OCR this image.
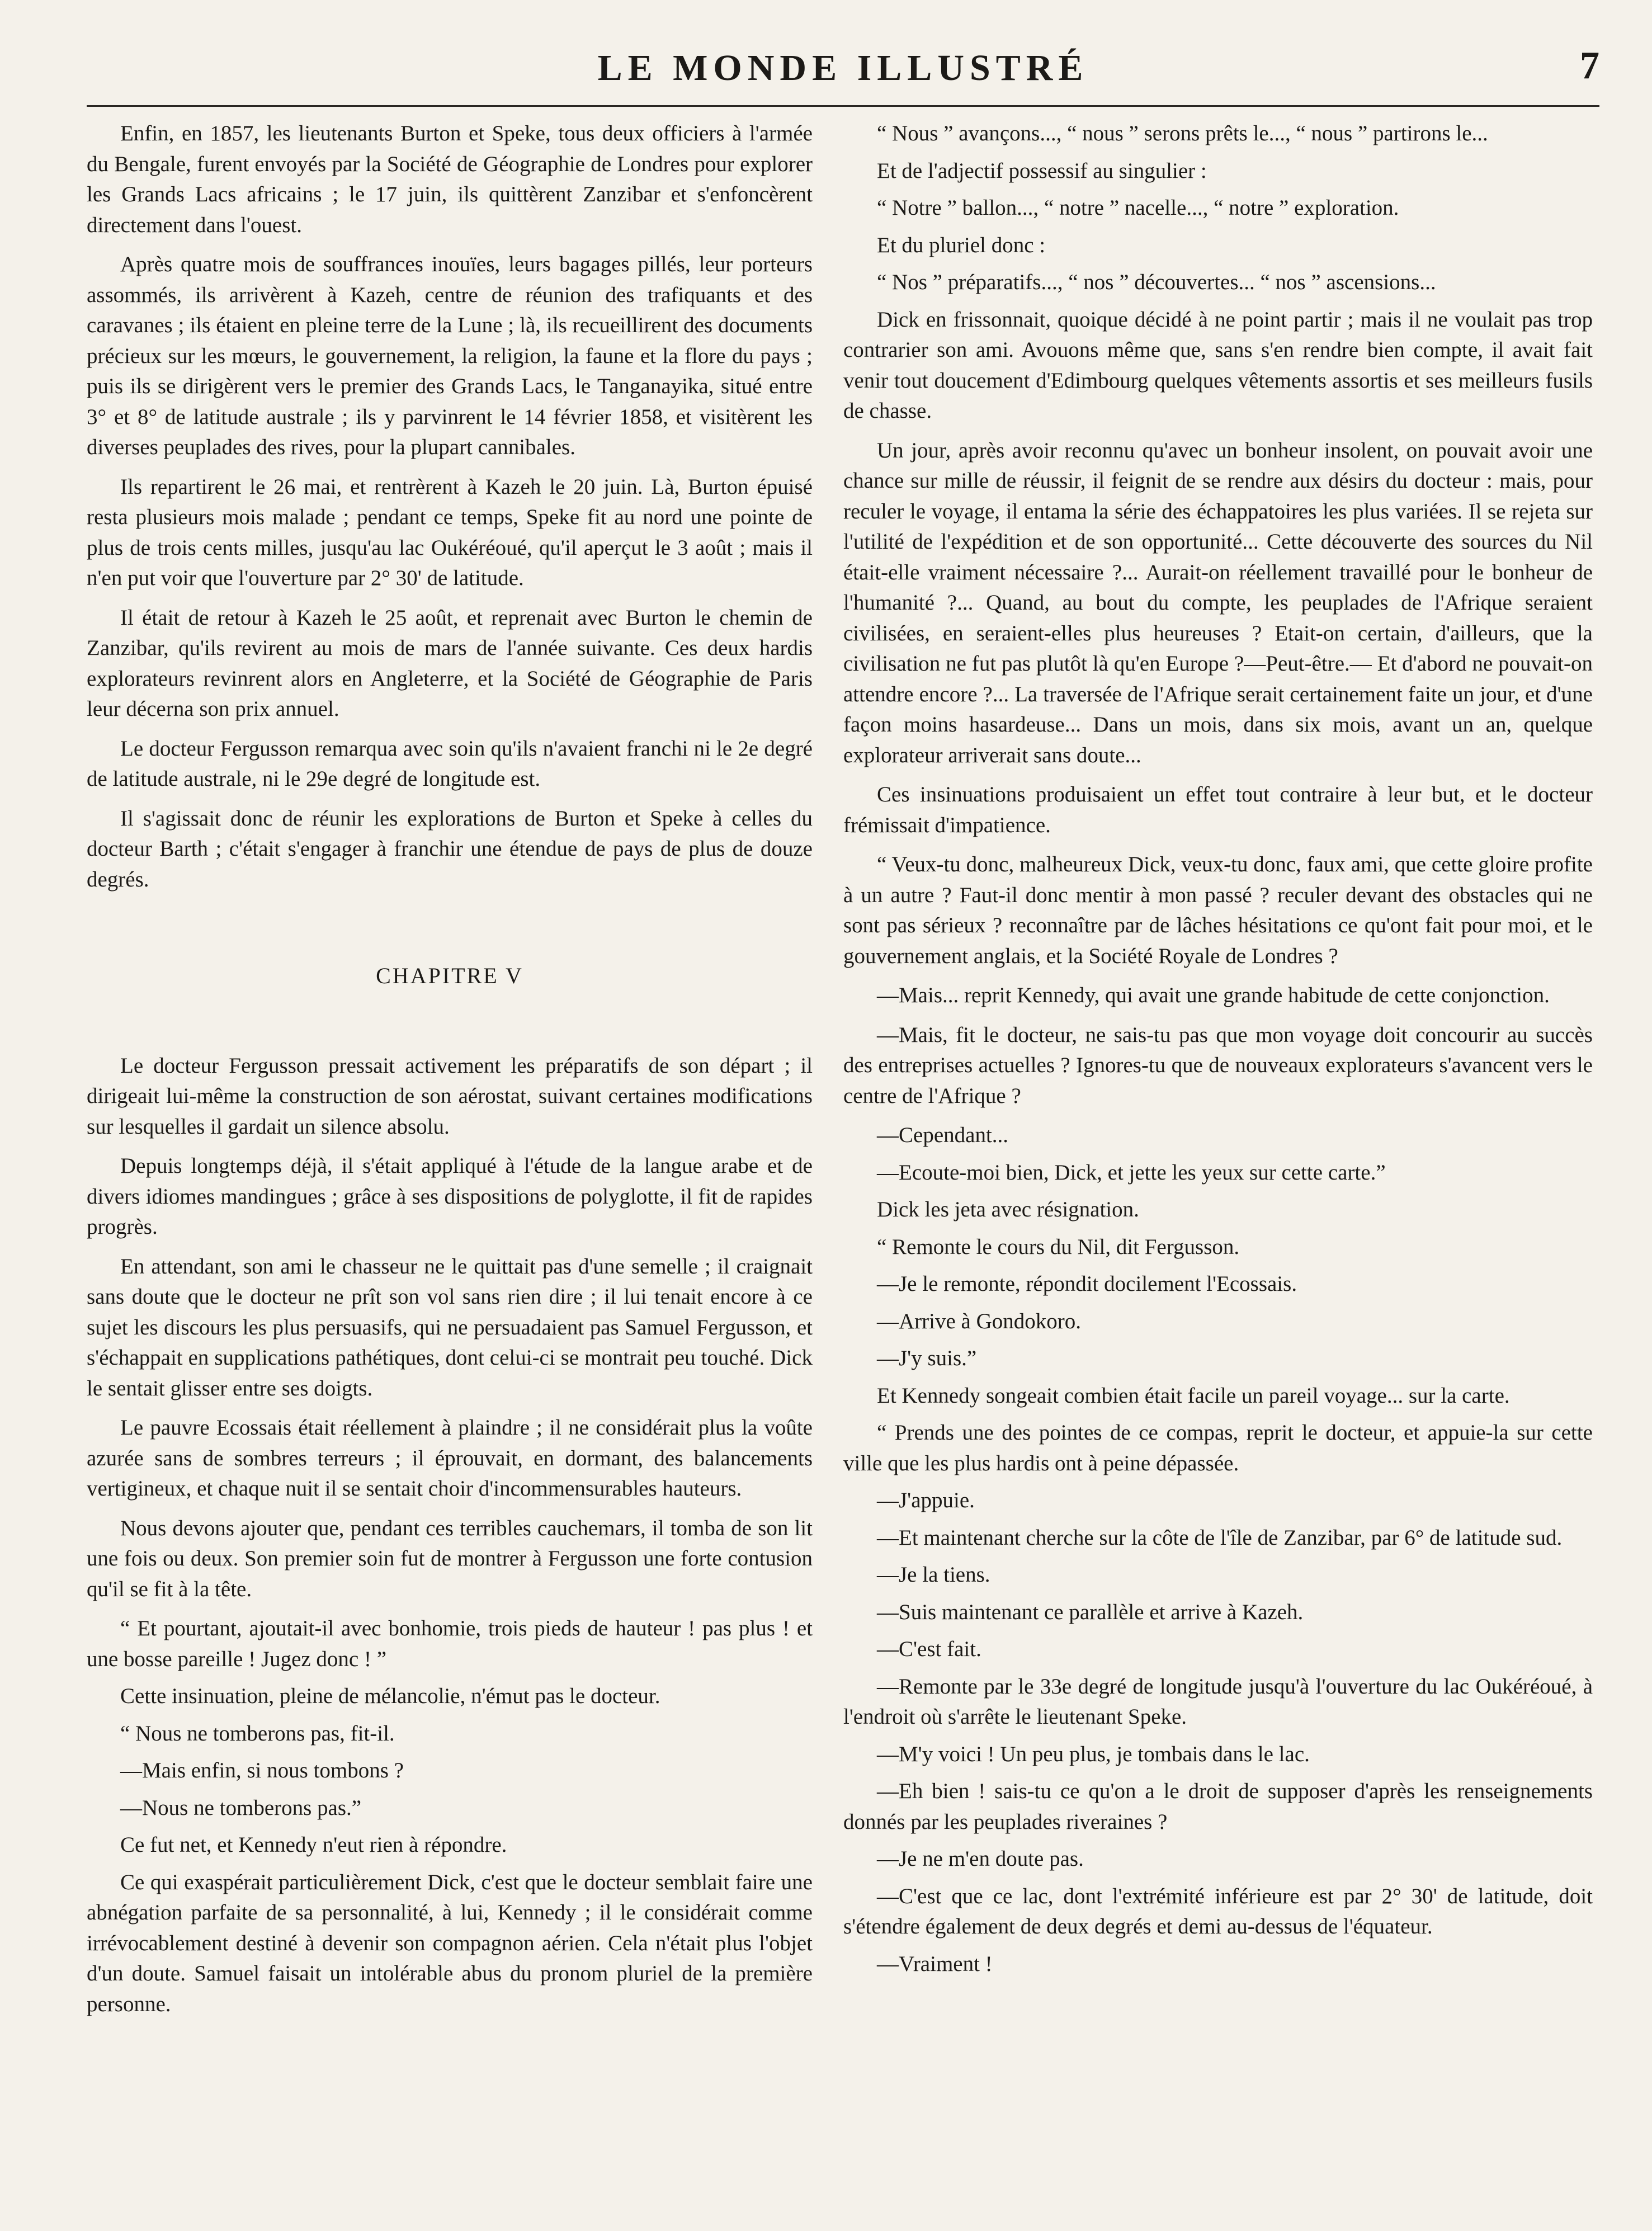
LE MONDE ILLUSTRÉ	7

Enfin, en 1857, les lieutenants Burton et Speke, tous deux officiers à l'armée du Bengale, furent envoyés par la Société de Géographie de Londres pour explorer les Grands Lacs africains ; le 17 juin, ils quittèrent Zanzibar et s'enfoncèrent directement dans l'ouest.

Après quatre mois de souffrances inouïes, leurs bagages pillés, leur porteurs assommés, ils arrivèrent à Kazeh, centre de réunion des trafiquants et des caravanes ; ils étaient en pleine terre de la Lune ; là, ils recueillirent des documents précieux sur les mœurs, le gouvernement, la religion, la faune et la flore du pays ; puis ils se dirigèrent vers le premier des Grands Lacs, le Tanganayika, situé entre 3° et 8° de latitude australe ; ils y parvinrent le 14 février 1858, et visitèrent les diverses peuplades des rives, pour la plupart cannibales.

Ils repartirent le 26 mai, et rentrèrent à Kazeh le 20 juin. Là, Burton épuisé resta plusieurs mois malade ; pendant ce temps, Speke fit au nord une pointe de plus de trois cents milles, jusqu'au lac Oukéréoué, qu'il aperçut le 3 août ; mais il n'en put voir que l'ouverture par 2° 30' de latitude.

Il était de retour à Kazeh le 25 août, et reprenait avec Burton le chemin de Zanzibar, qu'ils revirent au mois de mars de l'année suivante. Ces deux hardis explorateurs revinrent alors en Angleterre, et la Société de Géographie de Paris leur décerna son prix annuel.

Le docteur Fergusson remarqua avec soin qu'ils n'avaient franchi ni le 2e degré de latitude australe, ni le 29e degré de longitude est.

Il s'agissait donc de réunir les explorations de Burton et Speke à celles du docteur Barth ; c'était s'engager à franchir une étendue de pays de plus de douze degrés.

CHAPITRE V

Le docteur Fergusson pressait activement les préparatifs de son départ ; il dirigeait lui-même la construction de son aérostat, suivant certaines modifications sur lesquelles il gardait un silence absolu.

Depuis longtemps déjà, il s'était appliqué à l'étude de la langue arabe et de divers idiomes mandingues ; grâce à ses dispositions de polyglotte, il fit de rapides progrès.

En attendant, son ami le chasseur ne le quittait pas d'une semelle ; il craignait sans doute que le docteur ne prît son vol sans rien dire ; il lui tenait encore à ce sujet les discours les plus persuasifs, qui ne persuadaient pas Samuel Fergusson, et s'échappait en supplications pathétiques, dont celui-ci se montrait peu touché. Dick le sentait glisser entre ses doigts.

Le pauvre Ecossais était réellement à plaindre ; il ne considérait plus la voûte azurée sans de sombres terreurs ; il éprouvait, en dormant, des balancements vertigineux, et chaque nuit il se sentait choir d'incommensurables hauteurs.

Nous devons ajouter que, pendant ces terribles cauchemars, il tomba de son lit une fois ou deux. Son premier soin fut de montrer à Fergusson une forte contusion qu'il se fit à la tête.

“ Et pourtant, ajoutait-il avec bonhomie, trois pieds de hauteur ! pas plus ! et une bosse pareille ! Jugez donc ! ”

Cette insinuation, pleine de mélancolie, n'émut pas le docteur.

“ Nous ne tomberons pas, fit-il.

—Mais enfin, si nous tombons ?

—Nous ne tomberons pas.”

Ce fut net, et Kennedy n'eut rien à répondre.

Ce qui exaspérait particulièrement Dick, c'est que le docteur semblait faire une abnégation parfaite de sa personnalité, à lui, Kennedy ; il le considérait comme irrévocablement destiné à devenir son compagnon aérien. Cela n'était plus l'objet d'un doute. Samuel faisait un intolérable abus du pronom pluriel de la première personne.

“ Nous ” avançons..., “ nous ” serons prêts le..., “ nous ” partirons le...

Et de l'adjectif possessif au singulier :

“ Notre ” ballon..., “ notre ” nacelle..., “ notre ” exploration.

Et du pluriel donc :

“ Nos ” préparatifs..., “ nos ” découvertes... “ nos ” ascensions...

Dick en frissonnait, quoique décidé à ne point partir ; mais il ne voulait pas trop contrarier son ami. Avouons même que, sans s'en rendre bien compte, il avait fait venir tout doucement d'Edimbourg quelques vêtements assortis et ses meilleurs fusils de chasse.

Un jour, après avoir reconnu qu'avec un bonheur insolent, on pouvait avoir une chance sur mille de réussir, il feignit de se rendre aux désirs du docteur : mais, pour reculer le voyage, il entama la série des échappatoires les plus variées. Il se rejeta sur l'utilité de l'expédition et de son opportunité... Cette découverte des sources du Nil était-elle vraiment nécessaire ?... Aurait-on réellement travaillé pour le bonheur de l'humanité ?... Quand, au bout du compte, les peuplades de l'Afrique seraient civilisées, en seraient-elles plus heureuses ? Etait-on certain, d'ailleurs, que la civilisation ne fut pas plutôt là qu'en Europe ?—Peut-être.— Et d'abord ne pouvait-on attendre encore ?... La traversée de l'Afrique serait certainement faite un jour, et d'une façon moins hasardeuse... Dans un mois, dans six mois, avant un an, quelque explorateur arriverait sans doute...

Ces insinuations produisaient un effet tout contraire à leur but, et le docteur frémissait d'impatience.

“ Veux-tu donc, malheureux Dick, veux-tu donc, faux ami, que cette gloire profite à un autre ? Faut-il donc mentir à mon passé ? reculer devant des obstacles qui ne sont pas sérieux ? reconnaître par de lâches hésitations ce qu'ont fait pour moi, et le gouvernement anglais, et la Société Royale de Londres ?

—Mais... reprit Kennedy, qui avait une grande habitude de cette conjonction.

—Mais, fit le docteur, ne sais-tu pas que mon voyage doit concourir au succès des entreprises actuelles ? Ignores-tu que de nouveaux explorateurs s'avancent vers le centre de l'Afrique ?

—Cependant...

—Ecoute-moi bien, Dick, et jette les yeux sur cette carte.”

Dick les jeta avec résignation.

“ Remonte le cours du Nil, dit Fergusson.

—Je le remonte, répondit docilement l'Ecossais.

—Arrive à Gondokoro.

—J'y suis.”

Et Kennedy songeait combien était facile un pareil voyage... sur la carte.

“ Prends une des pointes de ce compas, reprit le docteur, et appuie-la sur cette ville que les plus hardis ont à peine dépassée.

—J'appuie.

—Et maintenant cherche sur la côte de l'île de Zanzibar, par 6° de latitude sud.

—Je la tiens.

—Suis maintenant ce parallèle et arrive à Kazeh.

—C'est fait.

—Remonte par le 33e degré de longitude jusqu'à l'ouverture du lac Oukéréoué, à l'endroit où s'arrête le lieutenant Speke.

—M'y voici ! Un peu plus, je tombais dans le lac.

—Eh bien ! sais-tu ce qu'on a le droit de supposer d'après les renseignements donnés par les peuplades riveraines ?

—Je ne m'en doute pas.

—C'est que ce lac, dont l'extrémité inférieure est par 2° 30' de latitude, doit s'étendre également de deux degrés et demi au-dessus de l'équateur.

—Vraiment !
